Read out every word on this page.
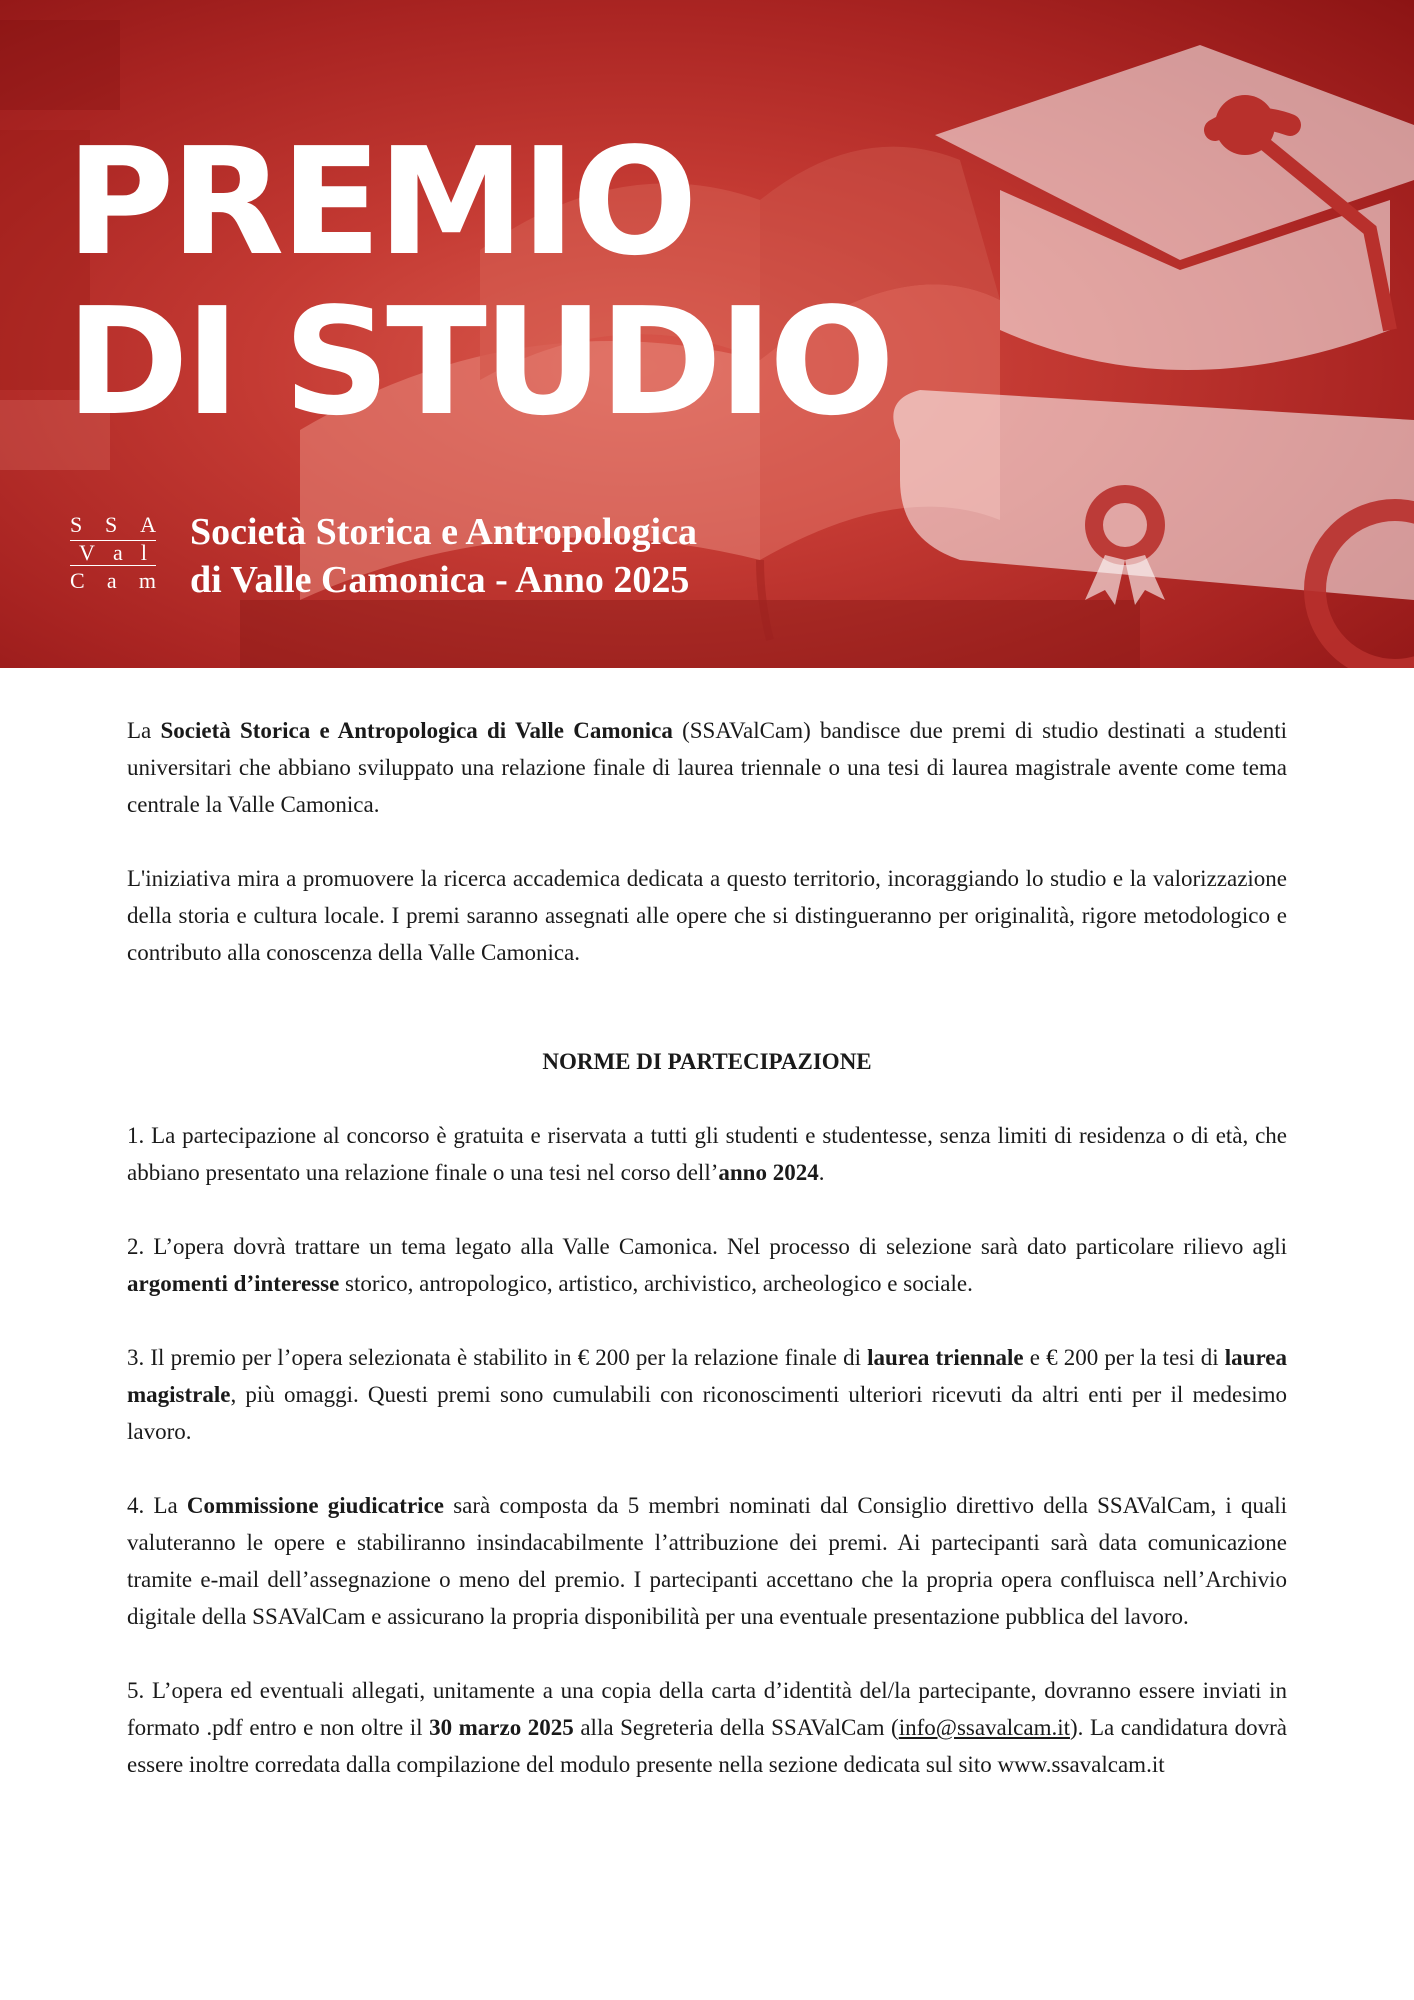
PREMIO
DI STUDIO
S S A
V a l
C a m
Società Storica e Antropologica
di Valle Camonica - Anno 2025

La Società Storica e Antropologica di Valle Camonica (SSAValCam) bandisce due premi di studio destinati a studenti universitari che abbiano sviluppato una relazione finale di laurea triennale o una tesi di laurea magistrale avente come tema centrale la Valle Camonica.

L'iniziativa mira a promuovere la ricerca accademica dedicata a questo territorio, incoraggiando lo studio e la valorizzazione della storia e cultura locale. I premi saranno assegnati alle opere che si distingueranno per originalità, rigore metodologico e contributo alla conoscenza della Valle Camonica.

NORME DI PARTECIPAZIONE

1. La partecipazione al concorso è gratuita e riservata a tutti gli studenti e studentesse, senza limiti di residenza o di età, che abbiano presentato una relazione finale o una tesi nel corso dell’anno 2024.

2. L’opera dovrà trattare un tema legato alla Valle Camonica. Nel processo di selezione sarà dato particolare rilievo agli argomenti d’interesse storico, antropologico, artistico, archivistico, archeologico e sociale.

3. Il premio per l’opera selezionata è stabilito in € 200 per la relazione finale di laurea triennale e € 200 per la tesi di laurea magistrale, più omaggi. Questi premi sono cumulabili con riconoscimenti ulteriori ricevuti da altri enti per il medesimo lavoro.

4. La Commissione giudicatrice sarà composta da 5 membri nominati dal Consiglio direttivo della SSAValCam, i quali valuteranno le opere e stabiliranno insindacabilmente l’attribuzione dei premi. Ai partecipanti sarà data comunicazione tramite e-mail dell’assegnazione o meno del premio. I partecipanti accettano che la propria opera confluisca nell’Archivio digitale della SSAValCam e assicurano la propria disponibilità per una eventuale presentazione pubblica del lavoro.

5. L’opera ed eventuali allegati, unitamente a una copia della carta d’identità del/la partecipante, dovranno essere inviati in formato .pdf entro e non oltre il 30 marzo 2025 alla Segreteria della SSAValCam (info@ssavalcam.it). La candidatura dovrà essere inoltre corredata dalla compilazione del modulo presente nella sezione dedicata sul sito www.ssavalcam.it
